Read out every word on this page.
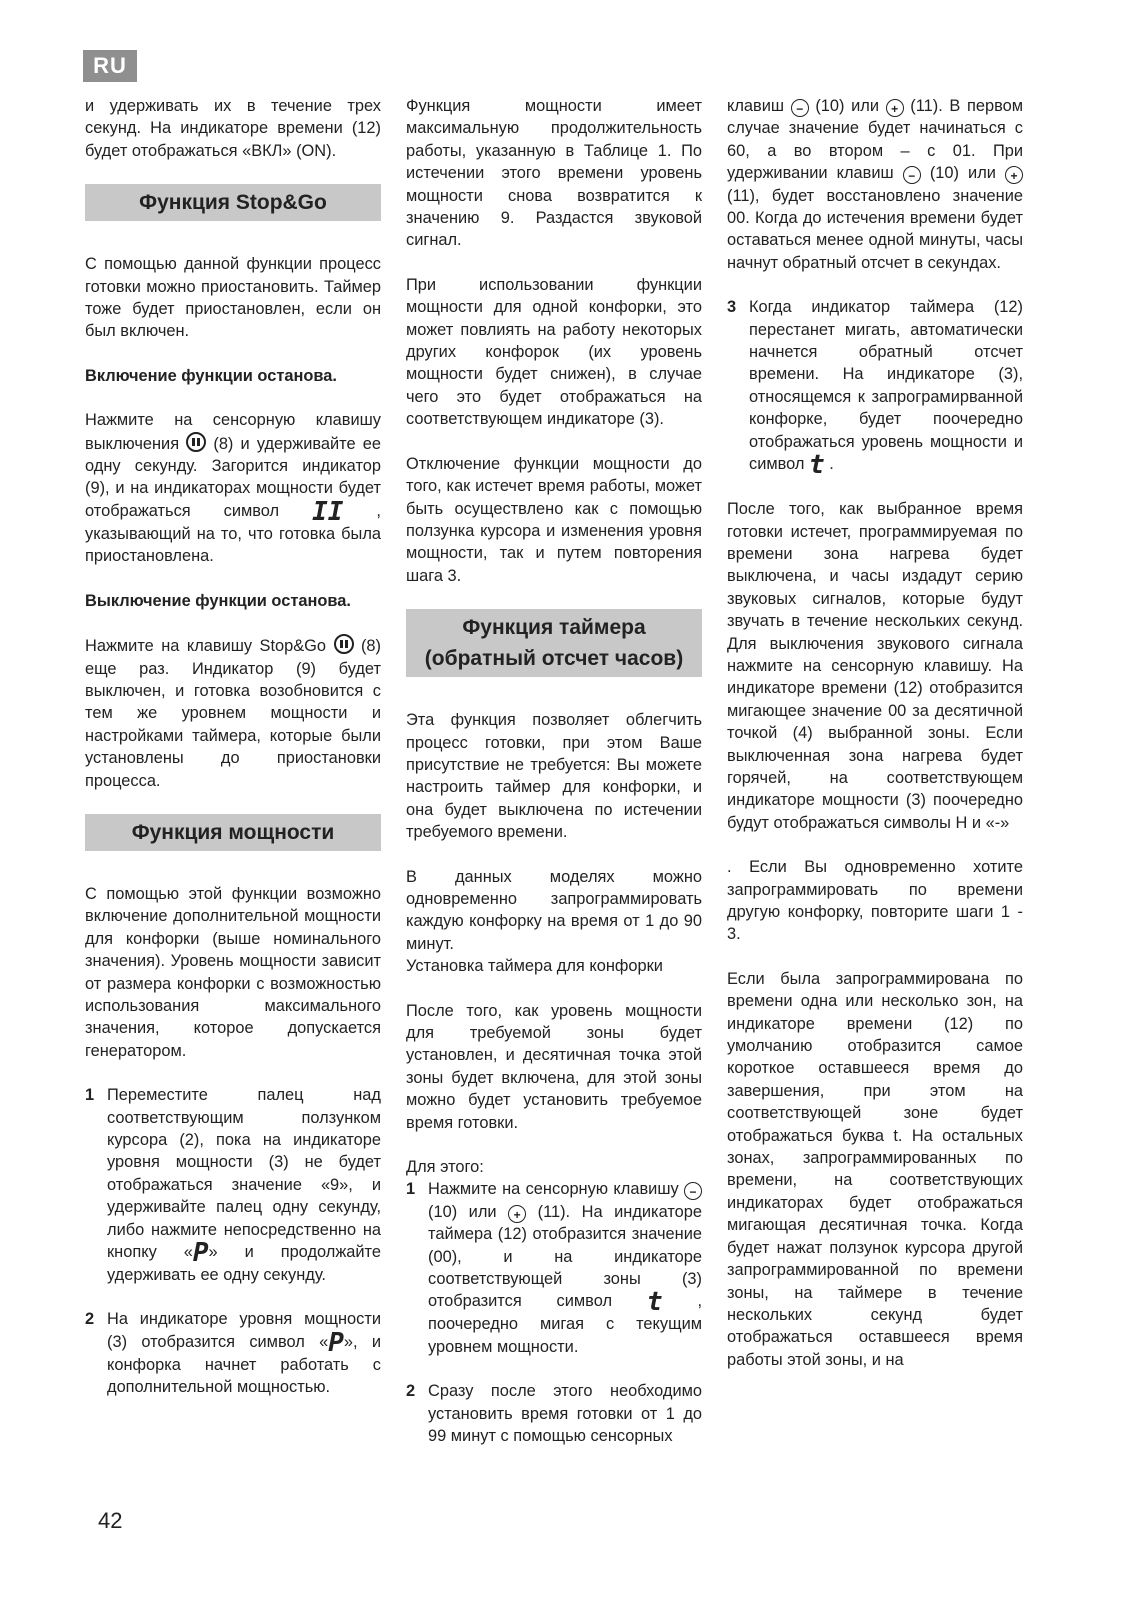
RU

и удерживать их в течение трех секунд. На индикаторе времени (12) будет отображаться «ВКЛ» (ON).

Функция Stop&Go

С помощью данной функции процесс готовки можно приостановить. Таймер тоже будет приостановлен, если он был включен.

Включение функции останова.

Нажмите на сенсорную клавишу выключения (8) и удерживайте ее одну секунду. Загорится индикатор (9), и на индикаторах мощности будет отображаться символ II , указывающий на то, что готовка была приостановлена.

Выключение функции останова.

Нажмите на клавишу Stop&Go (8) еще раз. Индикатор (9) будет выключен, и готовка возобновится с тем же уровнем мощности и настройками таймера, которые были установлены до приостановки процесса.

Функция мощности

С помощью этой функции возможно включение дополнительной мощности для конфорки (выше номинального значения). Уровень мощности зависит от размера конфорки с возможностью использования максимального значения, которое допускается генератором.

1 Переместите палец над соответствующим ползунком курсора (2), пока на индикаторе уровня мощности (3) не будет отображаться значение «9», и удерживайте палец одну секунду, либо нажмите непосредственно на кнопку «P» и продолжайте удерживать ее одну секунду.
2 На индикаторе уровня мощности (3) отобразится символ «P», и конфорка начнет работать с дополнительной мощностью.

Функция мощности имеет максимальную продолжительность работы, указанную в Таблице 1. По истечении этого времени уровень мощности снова возвратится к значению 9. Раздастся звуковой сигнал.

При использовании функции мощности для одной конфорки, это может повлиять на работу некоторых других конфорок (их уровень мощности будет снижен), в случае чего это будет отображаться на соответствующем индикаторе (3).

Отключение функции мощности до того, как истечет время работы, может быть осуществлено как с помощью ползунка курсора и изменения уровня мощности, так и путем повторения шага 3.

Функция таймера (обратный отсчет часов)

Эта функция позволяет облегчить процесс готовки, при этом Ваше присутствие не требуется: Вы можете настроить таймер для конфорки, и она будет выключена по истечении требуемого времени.

В данных моделях можно одновременно запрограммировать каждую конфорку на время от 1 до 90 минут.

Установка таймера для конфорки

После того, как уровень мощности для требуемой зоны будет установлен, и десятичная точка этой зоны будет включена, для этой зоны можно будет установить требуемое время готовки.

Для этого:

1 Нажмите на сенсорную клавишу − (10) или + (11). На индикаторе таймера (12) отобразится значение (00), и на индикаторе соответствующей зоны (3) отобразится символ t , поочередно мигая с текущим уровнем мощности.
2 Сразу после этого необходимо установить время готовки от 1 до 99 минут с помощью сенсорных

клавиш − (10) или + (11). В первом случае значение будет начинаться с 60, а во втором – с 01. При удерживании клавиш − (10) или + (11), будет восстановлено значение 00. Когда до истечения времени будет оставаться менее одной минуты, часы начнут обратный отсчет в секундах.

3 Когда индикатор таймера (12) перестанет мигать, автоматически начнется обратный отсчет времени. На индикаторе (3), относящемся к запрограмирванной конфорке, будет поочередно отображаться уровень мощности и символ t .

После того, как выбранное время готовки истечет, программируемая по времени зона нагрева будет выключена, и часы издадут серию звуковых сигналов, которые будут звучать в течение нескольких секунд. Для выключения звукового сигнала нажмите на сенсорную клавишу. На индикаторе времени (12) отобразится мигающее значение 00 за десятичной точкой (4) выбранной зоны. Если выключенная зона нагрева будет горячей, на соответствующем индикаторе мощности (3) поочередно будут отображаться символы H и «-»

. Если Вы одновременно хотите запрограммировать по времени другую конфорку, повторите шаги 1 - 3.

Если была запрограммирована по времени одна или несколько зон, на индикаторе времени (12) по умолчанию отобразится самое короткое оставшееся время до завершения, при этом на соответствующей зоне будет отображаться буква t. На остальных зонах, запрограммированных по времени, на соответствующих индикаторах будет отображаться мигающая десятичная точка. Когда будет нажат ползунок курсора другой запрограммированной по времени зоны, на таймере в течение нескольких секунд будет отображаться оставшееся время работы этой зоны, и на

42
